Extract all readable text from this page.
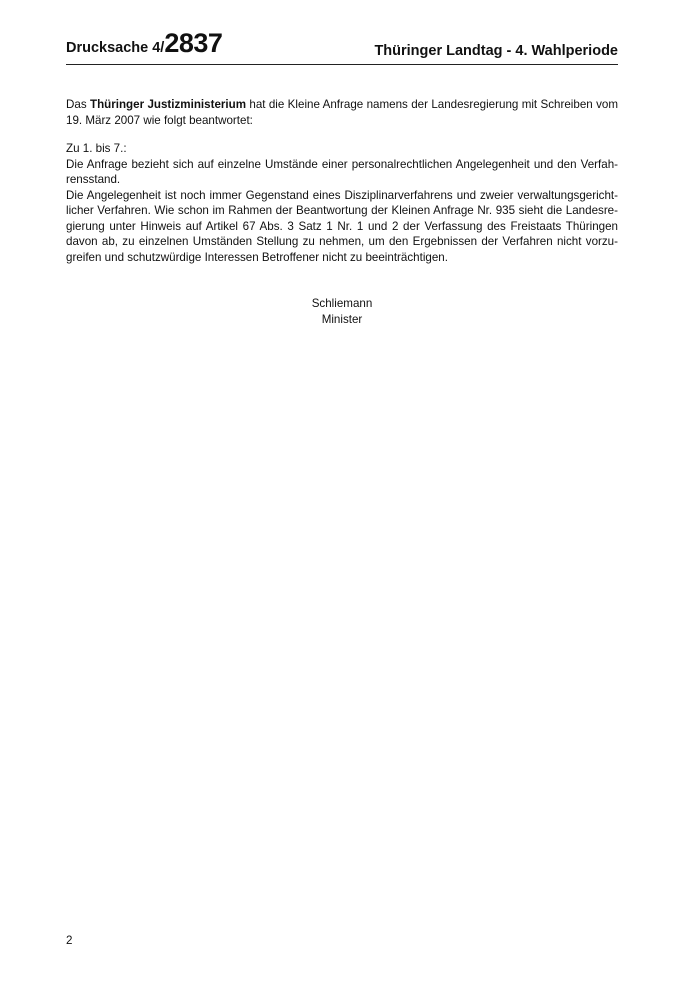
Drucksache 4/2837	Thüringer Landtag - 4. Wahlperiode
Das Thüringer Justizministerium hat die Kleine Anfrage namens der Landesregierung mit Schreiben vom
19. März 2007 wie folgt beantwortet:
Zu 1. bis 7.:
Die Anfrage bezieht sich auf einzelne Umstände einer personalrechtlichen Angelegenheit und den Verfah-
rensstand.
Die Angelegenheit ist noch immer Gegenstand eines Disziplinarverfahrens und zweier verwaltungsgericht-
licher Verfahren. Wie schon im Rahmen der Beantwortung der Kleinen Anfrage Nr. 935 sieht die Landesre-
gierung unter Hinweis auf Artikel 67 Abs. 3 Satz 1 Nr. 1 und 2 der Verfassung des Freistaats Thüringen
davon ab, zu einzelnen Umständen Stellung zu nehmen, um den Ergebnissen der Verfahren nicht vorzu-
greifen und schutzwürdige Interessen Betroffener nicht zu beeinträchtigen.
Schliemann
Minister
2
